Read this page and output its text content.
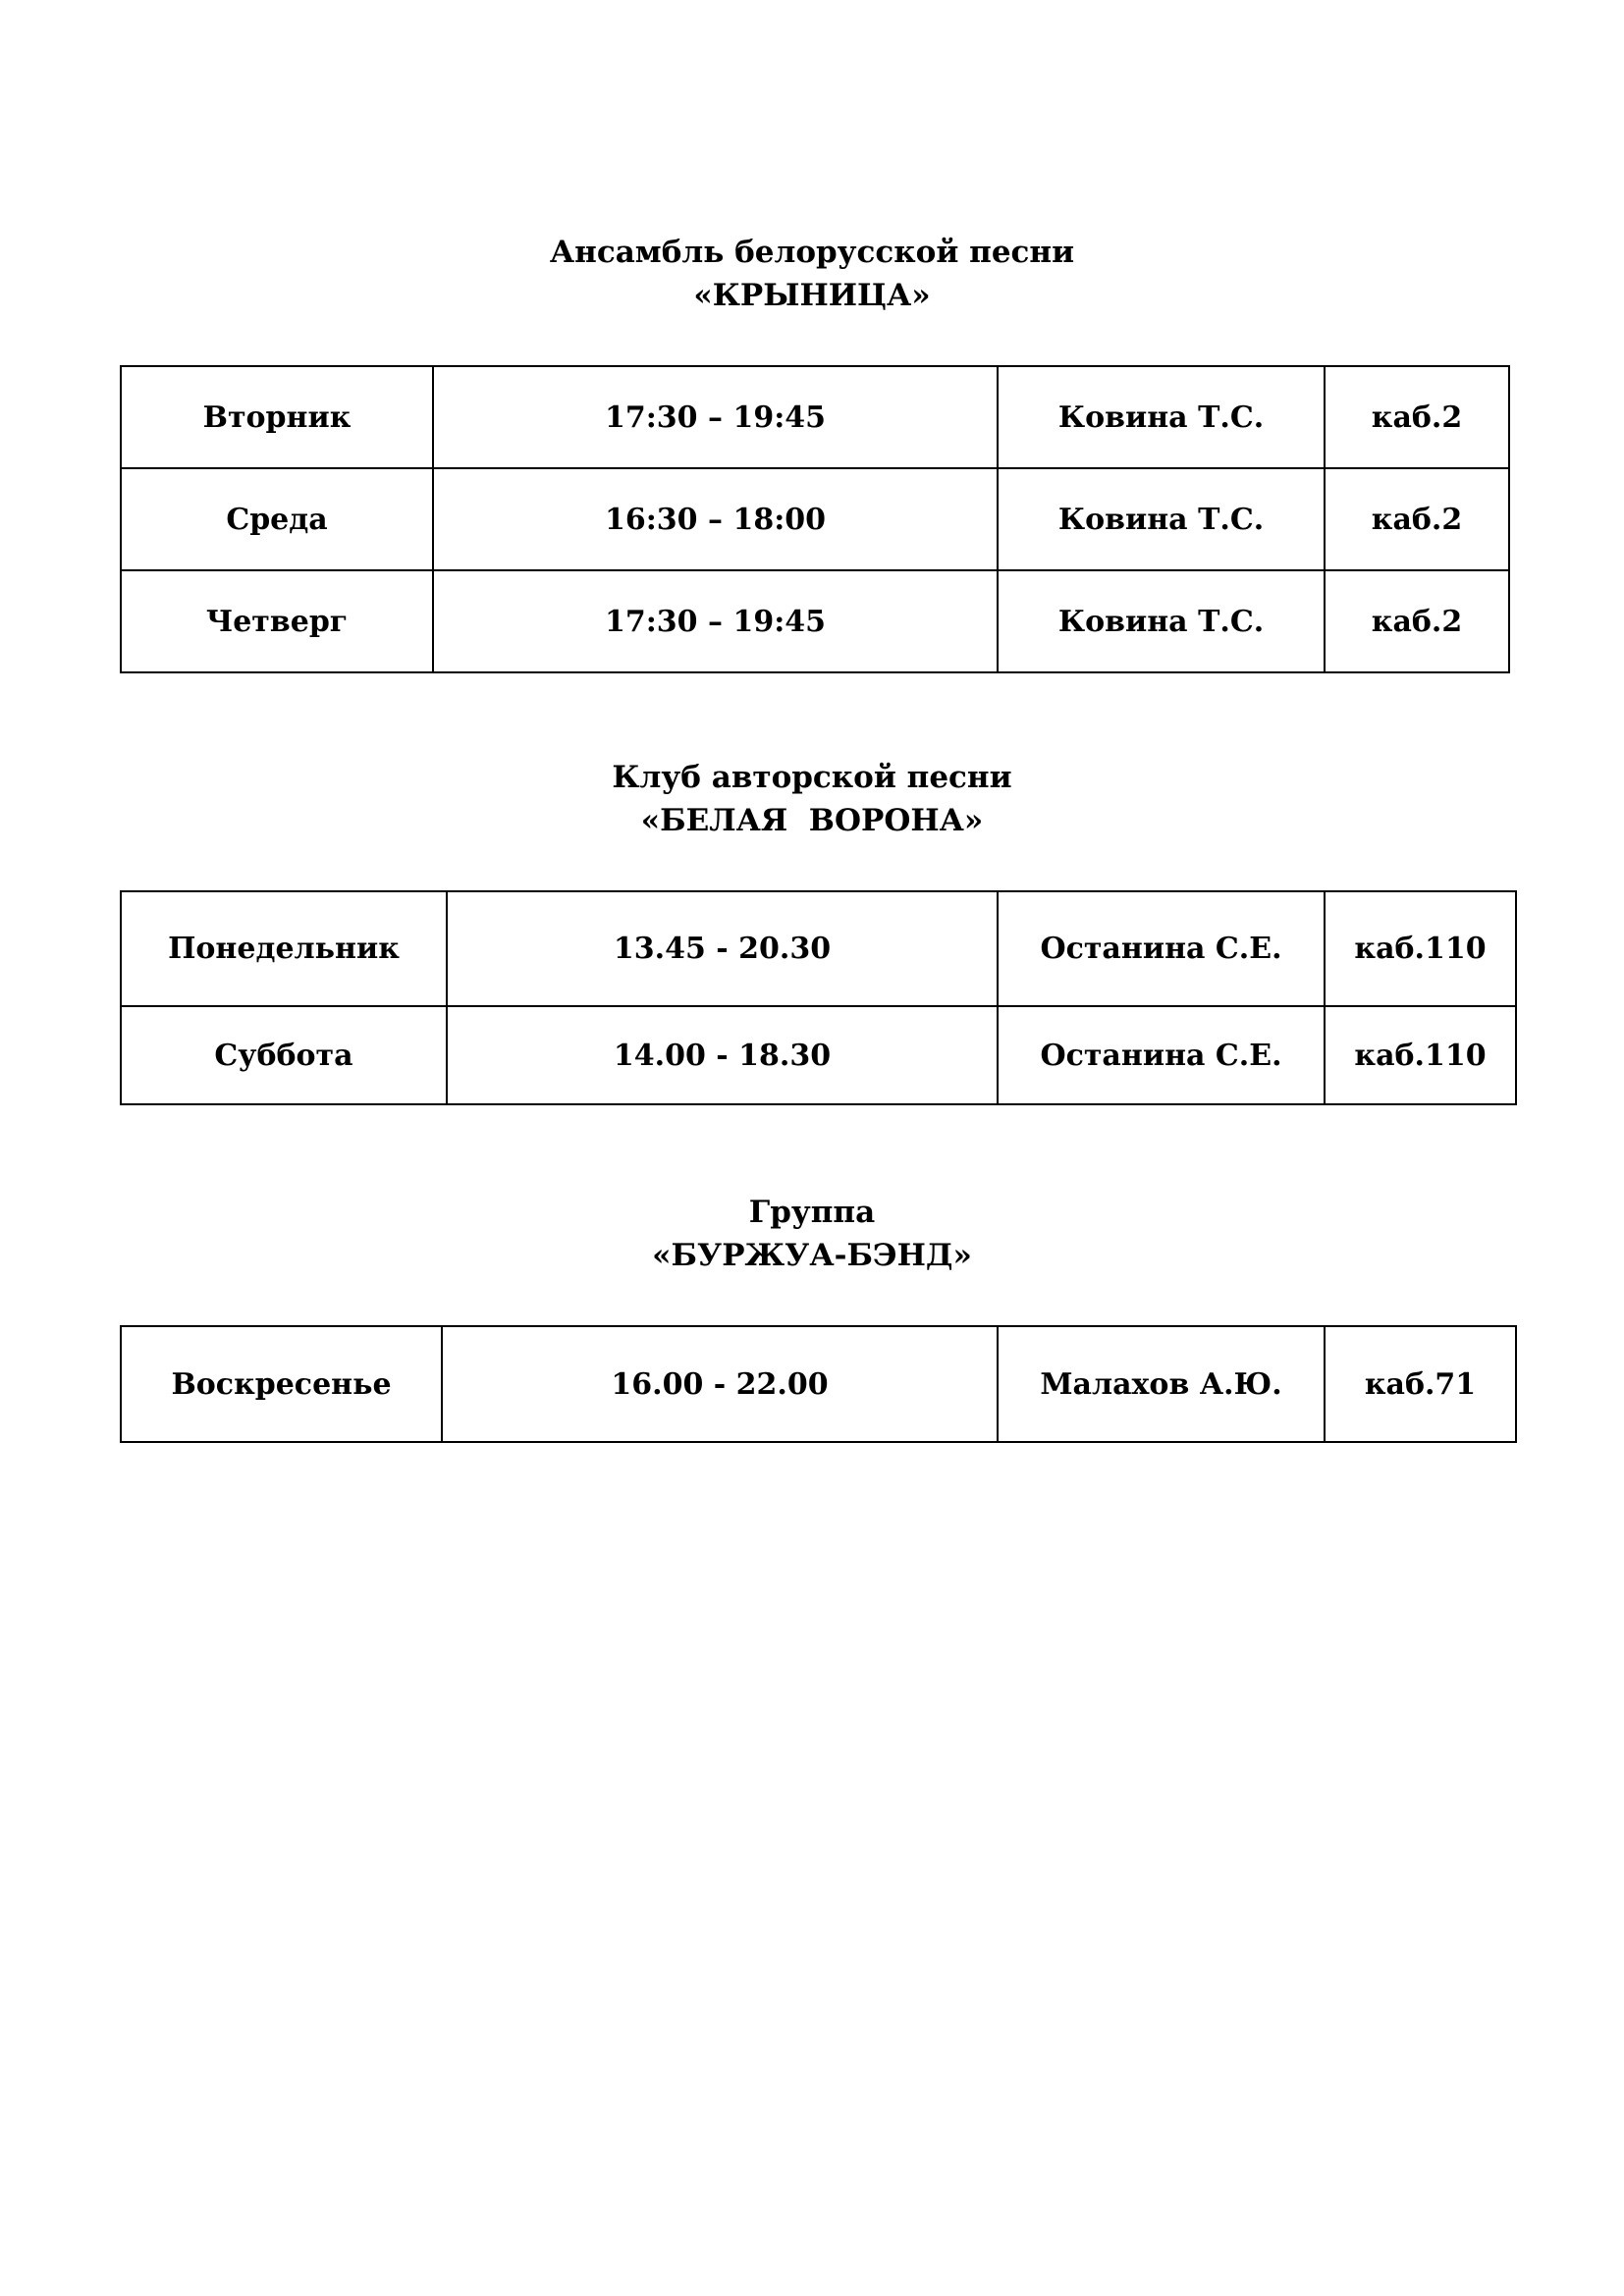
Ансамбль белорусской песни
«КРЫНИЦА»
Вторник	17:30 – 19:45	Ковина Т.С.	каб.2
Среда	16:30 – 18:00	Ковина Т.С.	каб.2
Четверг	17:30 – 19:45	Ковина Т.С.	каб.2
Клуб авторской песни
«БЕЛАЯ  ВОРОНА»
Понедельник	13.45 - 20.30	Останина С.Е.	каб.110
Суббота	14.00 - 18.30	Останина С.Е.	каб.110
Группа
«БУРЖУА-БЭНД»
Воскресенье	16.00 - 22.00	Малахов А.Ю.	каб.71
